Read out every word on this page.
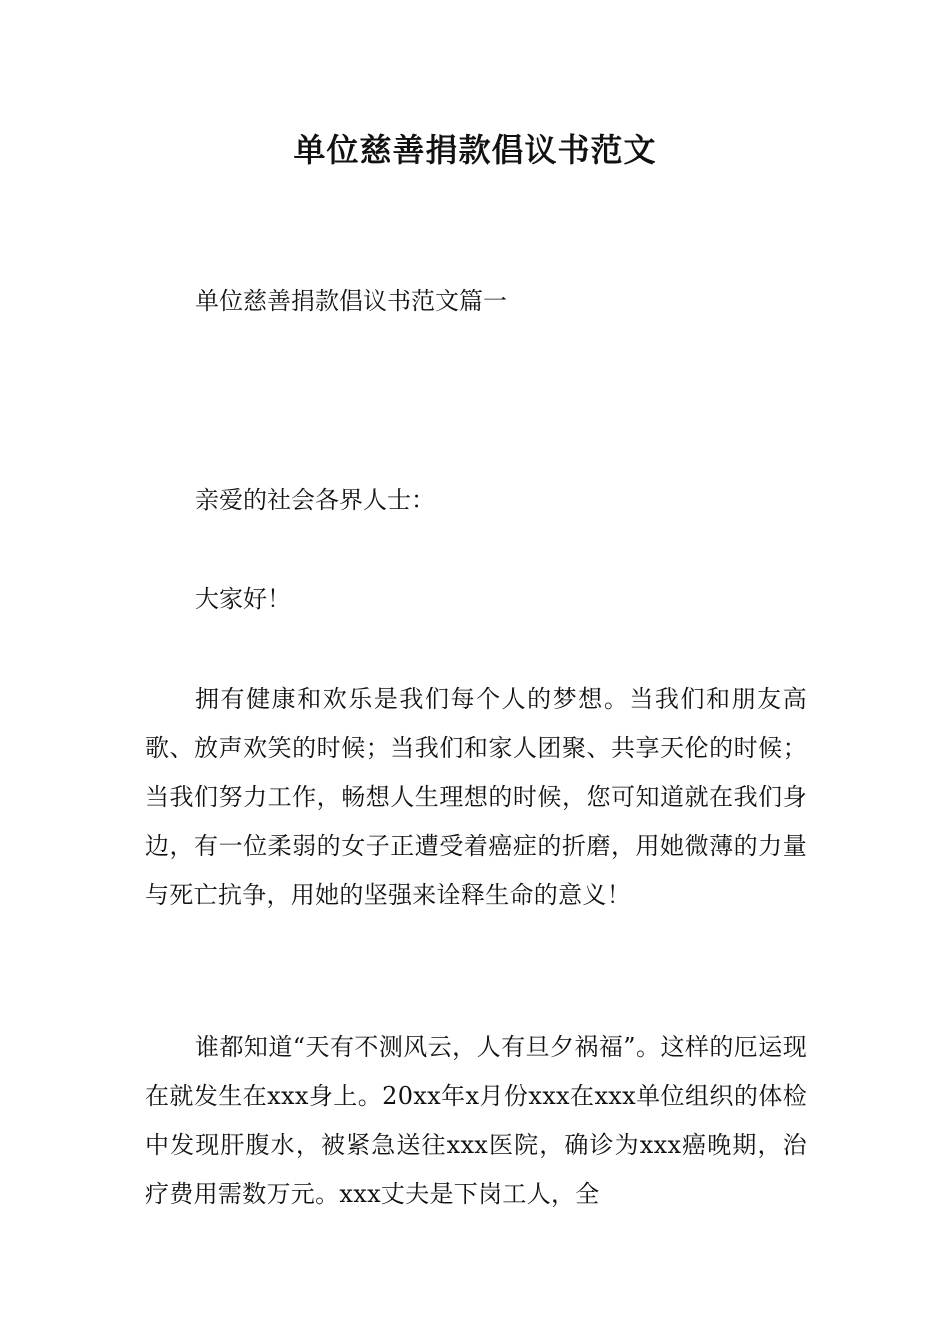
单位慈善捐款倡议书范文
单位慈善捐款倡议书范文篇一
亲爱的社会各界人士：
大家好！
拥有健康和欢乐是我们每个人的梦想。当我们和朋友高歌、放声欢笑的时候；当我们和家人团聚、共享天伦的时候；当我们努力工作，畅想人生理想的时候，您可知道就在我们身边，有一位柔弱的女子正遭受着癌症的折磨，用她微薄的力量与死亡抗争，用她的坚强来诠释生命的意义！
谁都知道“天有不测风云，人有旦夕祸福”。这样的厄运现在就发生在xxx身上。20xx年x月份xxx在xxx单位组织的体检中发现肝腹水，被紧急送往xxx医院，确诊为xxx癌晚期，治疗费用需数万元。xxx丈夫是下岗工人，全
